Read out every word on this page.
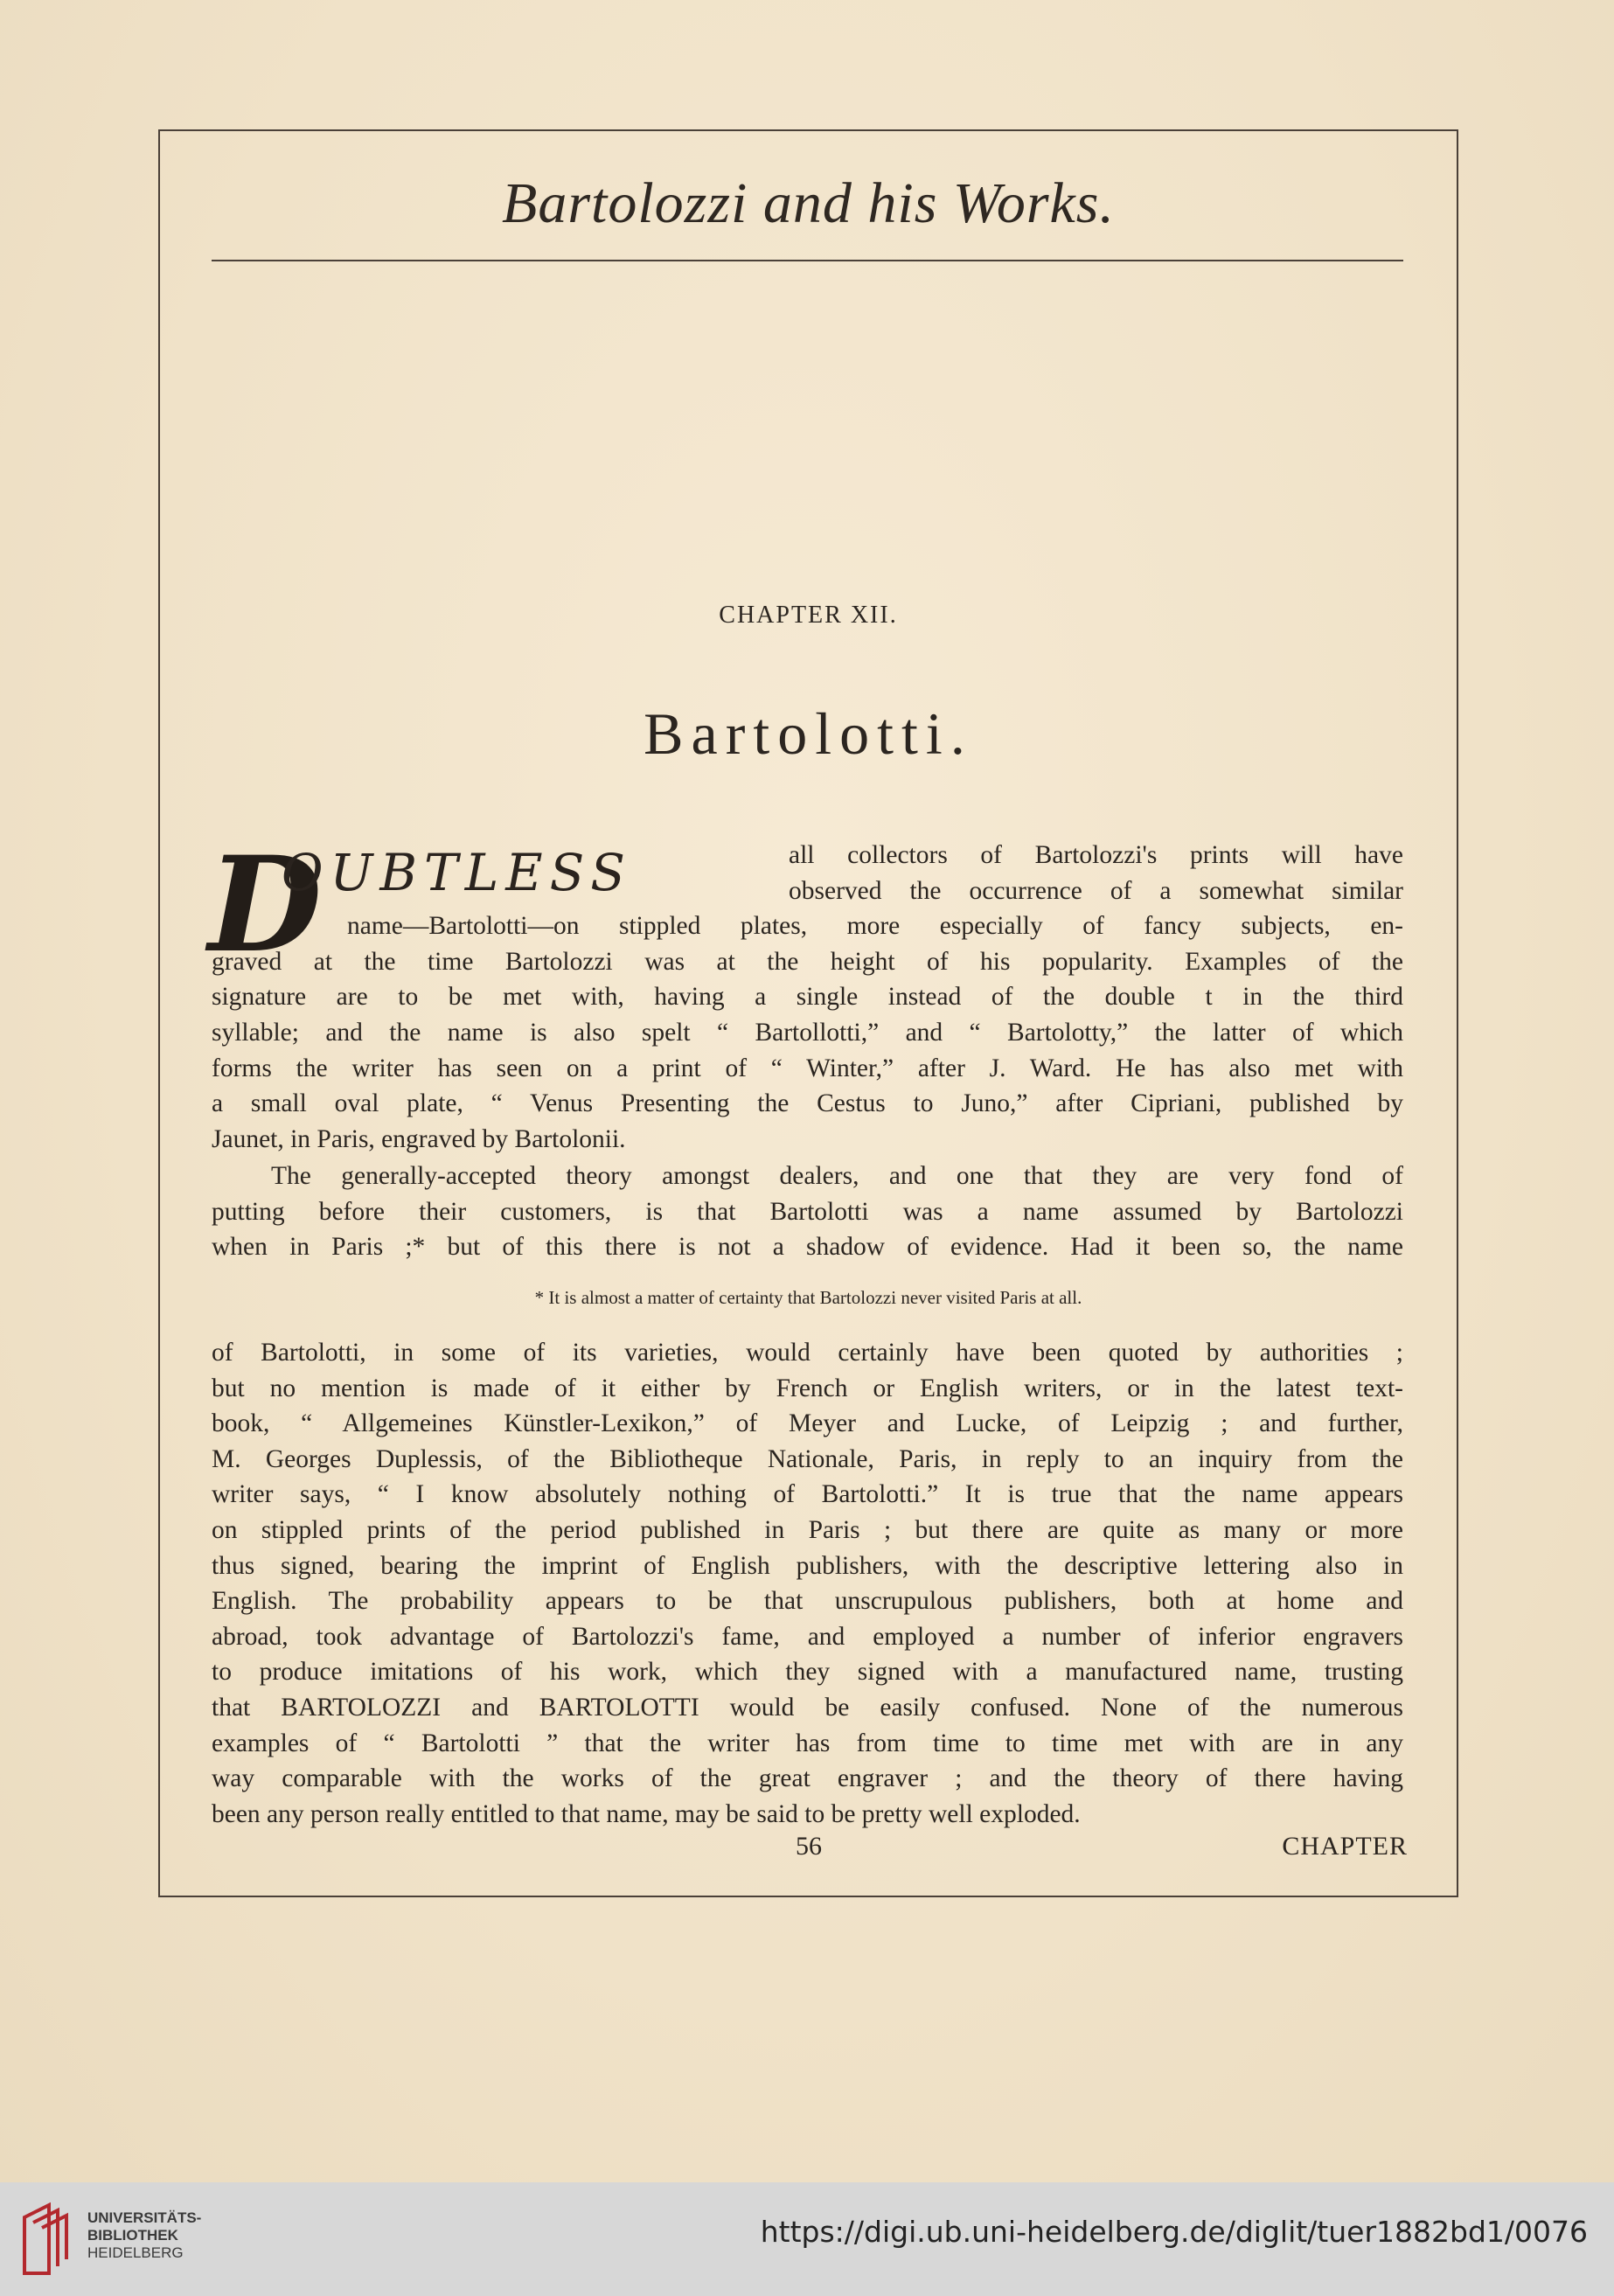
Bartolozzi and his Works.
CHAPTER XII.
Bartolotti.
D
OUBTLESS	all collectors of Bartolozzi's prints will have
observed the occurrence of a somewhat similar
name—Bartolotti—on stippled plates, more especially of fancy subjects, en-
graved at the time Bartolozzi was at the height of his popularity. Examples of the
signature are to be met with, having a single instead of the double t in the third
syllable; and the name is also spelt “ Bartollotti,” and “ Bartolotty,” the latter of which
forms the writer has seen on a print of “ Winter,” after J. Ward. He has also met with
a small oval plate, “ Venus Presenting the Cestus to Juno,” after Cipriani, published by
Jaunet, in Paris, engraved by Bartolonii.
The generally-accepted theory amongst dealers, and one that they are very fond of
putting before their customers, is that Bartolotti was a name assumed by Bartolozzi
when in Paris ;* but of this there is not a shadow of evidence. Had it been so, the name
* It is almost a matter of certainty that Bartolozzi never visited Paris at all.
of Bartolotti, in some of its varieties, would certainly have been quoted by authorities ;
but no mention is made of it either by French or English writers, or in the latest text-
book, “ Allgemeines Künstler-Lexikon,” of Meyer and Lucke, of Leipzig ; and further,
M. Georges Duplessis, of the Bibliotheque Nationale, Paris, in reply to an inquiry from the
writer says, “ I know absolutely nothing of Bartolotti.” It is true that the name appears
on stippled prints of the period published in Paris ; but there are quite as many or more
thus signed, bearing the imprint of English publishers, with the descriptive lettering also in
English. The probability appears to be that unscrupulous publishers, both at home and
abroad, took advantage of Bartolozzi's fame, and employed a number of inferior engravers
to produce imitations of his work, which they signed with a manufactured name, trusting
that BARTOLOZZI and BARTOLOTTI would be easily confused. None of the numerous
examples of “ Bartolotti ” that the writer has from time to time met with are in any
way comparable with the works of the great engraver ; and the theory of there having
been any person really entitled to that name, may be said to be pretty well exploded.
56	CHAPTER
UNIVERSITÄTS-
BIBLIOTHEK
HEIDELBERG
https://digi.ub.uni-heidelberg.de/diglit/tuer1882bd1/0076
